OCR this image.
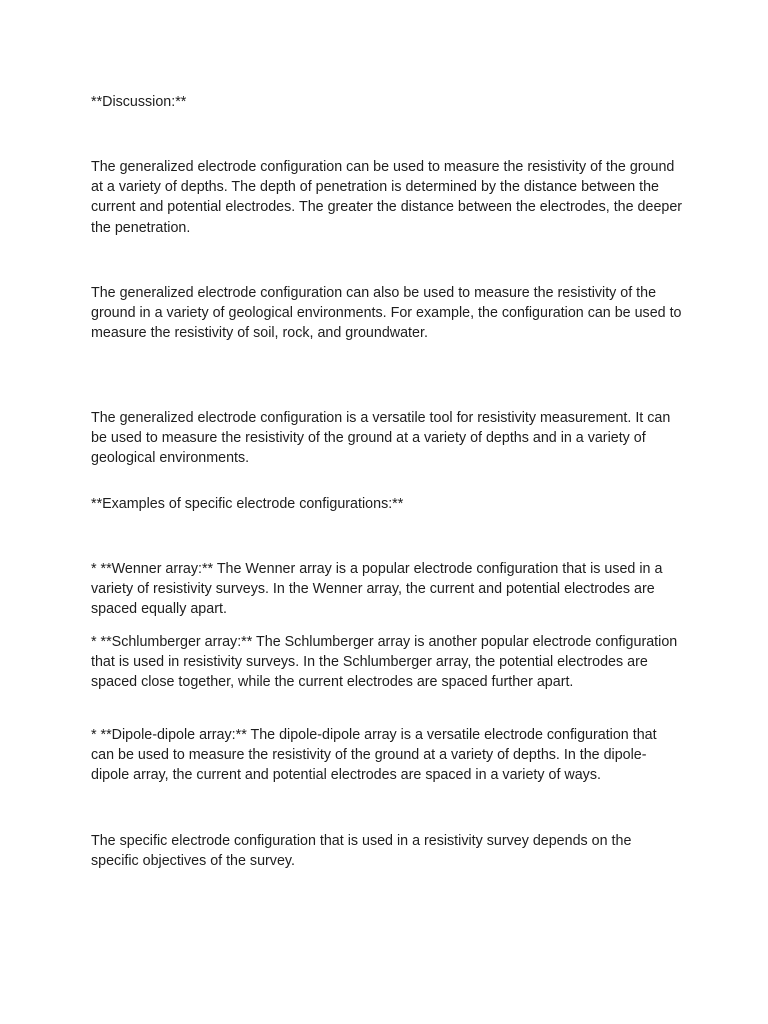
**Discussion:**

The generalized electrode configuration can be used to measure the resistivity of the ground at a variety of depths. The depth of penetration is determined by the distance between the current and potential electrodes. The greater the distance between the electrodes, the deeper the penetration.

The generalized electrode configuration can also be used to measure the resistivity of the ground in a variety of geological environments. For example, the configuration can be used to measure the resistivity of soil, rock, and groundwater.

The generalized electrode configuration is a versatile tool for resistivity measurement. It can be used to measure the resistivity of the ground at a variety of depths and in a variety of geological environments.

**Examples of specific electrode configurations:**

* **Wenner array:** The Wenner array is a popular electrode configuration that is used in a variety of resistivity surveys. In the Wenner array, the current and potential electrodes are spaced equally apart.

* **Schlumberger array:** The Schlumberger array is another popular electrode configuration that is used in resistivity surveys. In the Schlumberger array, the potential electrodes are spaced close together, while the current electrodes are spaced further apart.

* **Dipole-dipole array:** The dipole-dipole array is a versatile electrode configuration that can be used to measure the resistivity of the ground at a variety of depths. In the dipole-dipole array, the current and potential electrodes are spaced in a variety of ways.

The specific electrode configuration that is used in a resistivity survey depends on the specific objectives of the survey.
